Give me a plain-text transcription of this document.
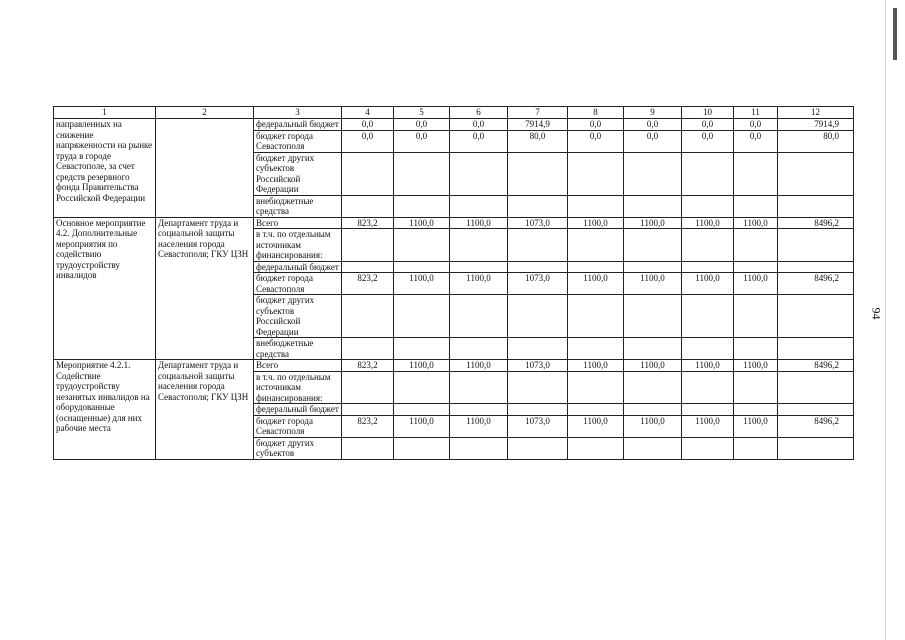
1	2	3	4	5	6	7	8	9	10	11	12
направленных на снижение напряженности на рынке труда в городе Севастополе, за счет средств резервного фонда Правительства Российской Федерации		федеральный бюджет	0,0	0,0	0,0	7914,9	0,0	0,0	0,0	0,0	7914,9
		бюджет города Севастополя	0,0	0,0	0,0	80,0	0,0	0,0	0,0	0,0	80,0
		бюджет других субъектов Российской Федерации									
		внебюджетные средства									
Основное мероприятие 4.2. Дополнительные мероприятия по содействию трудоустройству инвалидов	Департамент труда и социальной защиты населения города Севастополя; ГКУ ЦЗН	Всего	823,2	1100,0	1100,0	1073,0	1100,0	1100,0	1100,0	1100,0	8496,2
		в т.ч. по отдельным источникам финансирования:									
		федеральный бюджет									
		бюджет города Севастополя	823,2	1100,0	1100,0	1073,0	1100,0	1100,0	1100,0	1100,0	8496,2
		бюджет других субъектов Российской Федерации									
		внебюджетные средства									
Мероприятие 4.2.1. Содействие трудоустройству незанятых инвалидов на оборудованные (оснащенные) для них рабочие места	Департамент труда и социальной защиты населения города Севастополя; ГКУ ЦЗН	Всего	823,2	1100,0	1100,0	1073,0	1100,0	1100,0	1100,0	1100,0	8496,2
		в т.ч. по отдельным источникам финансирования:									
		федеральный бюджет									
		бюджет города Севастополя	823,2	1100,0	1100,0	1073,0	1100,0	1100,0	1100,0	1100,0	8496,2
		бюджет других субъектов									
94
